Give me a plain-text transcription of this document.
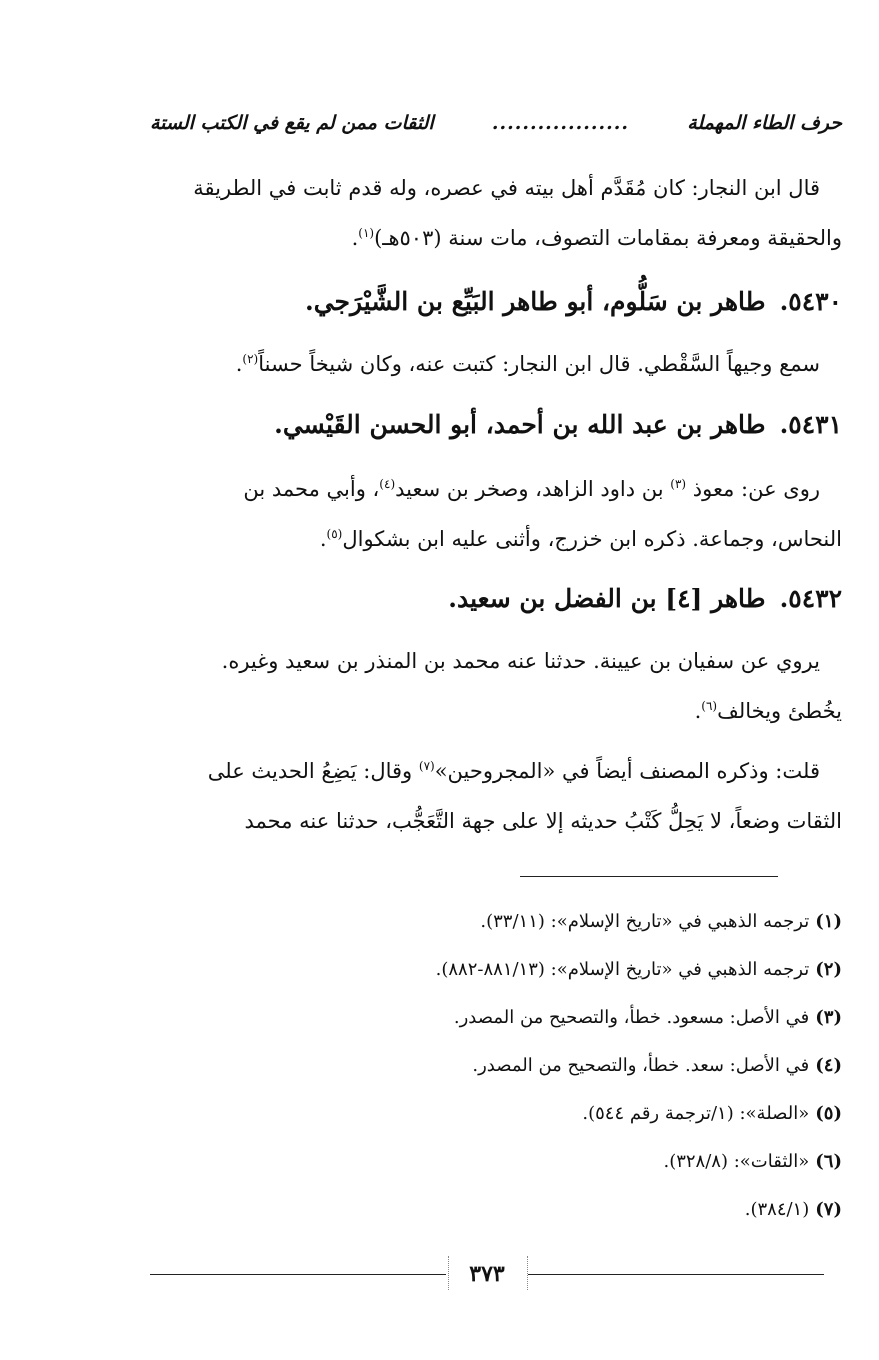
حرف الطاء المهملة
..................
الثقات ممن لم يقع في الكتب الستة
قال ابن النجار: كان مُقَدَّم أهل بيته في عصره، وله قدم ثابت في الطريقة
والحقيقة ومعرفة بمقامات التصوف، مات سنة (٥٠٣هـ)$^{(١)}$.
٥٤٣٠.طاهر بن سَلُّوم، أبو طاهر البَيِّع بن الشَّيْرَجي.
سمع وجيهاً السَّقْطي. قال ابن النجار: كتبت عنه، وكان شيخاً حسناً$^{(٢)}$.
٥٤٣١.طاهر بن عبد الله بن أحمد، أبو الحسن القَيْسي.
روى عن: معوذ $^{(٣)}$ بن داود الزاهد، وصخر بن سعيد$^{(٤)}$، وأبي محمد بن
النحاس، وجماعة. ذكره ابن خزرج، وأثنى عليه ابن بشكوال$^{(٥)}$.
٥٤٣٢.طاهر [٤] بن الفضل بن سعيد.
يروي عن سفيان بن عيينة. حدثنا عنه محمد بن المنذر بن سعيد وغيره.
يخُطئ ويخالف$^{(٦)}$.
قلت: وذكره المصنف أيضاً في «المجروحين»$^{(٧)}$ وقال: يَضِعُ الحديث على
الثقات وضعاً، لا يَحِلُّ كَتْبُ حديثه إلا على جهة التَّعَجُّب، حدثنا عنه محمد
(١)ترجمه الذهبي في «تاريخ الإسلام»: (٣٣/١١).
(٢)ترجمه الذهبي في «تاريخ الإسلام»: (٨٨١/١٣-٨٨٢).
(٣)في الأصل: مسعود. خطأ، والتصحيح من المصدر.
(٤)في الأصل: سعد. خطأ، والتصحيح من المصدر.
(٥)«الصلة»: (١/ترجمة رقم ٥٤٤).
(٦)«الثقات»: (٣٢٨/٨).
(٧)(٣٨٤/١).
٣٧٣
